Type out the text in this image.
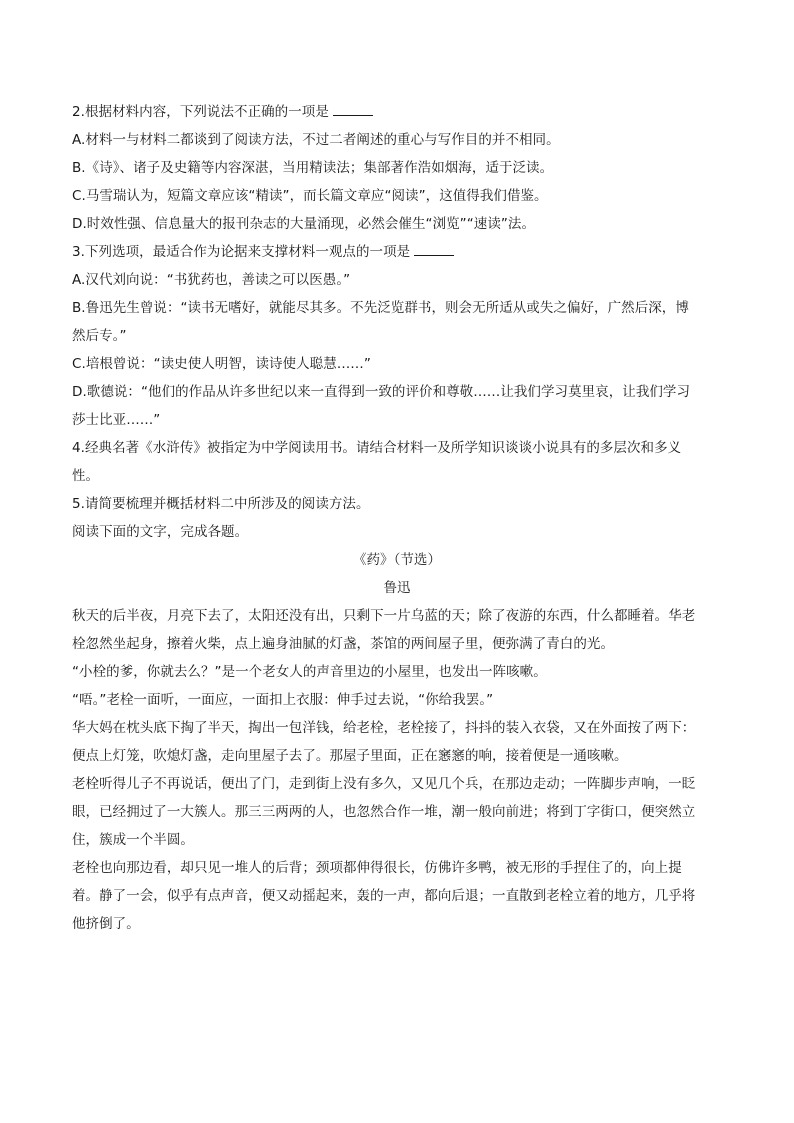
2.根据材料内容，下列说法不正确的一项是
A.材料一与材料二都谈到了阅读方法，不过二者阐述的重心与写作目的并不相同。
B.《诗》、诸子及史籍等内容深湛，当用精读法；集部著作浩如烟海，适于泛读。
C.马雪瑞认为，短篇文章应该“精读”，而长篇文章应“阅读”，这值得我们借鉴。
D.时效性强、信息量大的报刊杂志的大量涌现，必然会催生“浏览”“速读”法。
3.下列选项，最适合作为论据来支撑材料一观点的一项是
A.汉代刘向说：“书犹药也，善读之可以医愚。”
B.鲁迅先生曾说：“读书无嗜好，就能尽其多。不先泛览群书，则会无所适从或失之偏好，广然后深，博
然后专。”
C.培根曾说：“读史使人明智，读诗使人聪慧……”
D.歌德说：“他们的作品从许多世纪以来一直得到一致的评价和尊敬……让我们学习莫里哀，让我们学习
莎士比亚……”
4.经典名著《水浒传》被指定为中学阅读用书。请结合材料一及所学知识谈谈小说具有的多层次和多义
性。
5.请简要梳理并概括材料二中所涉及的阅读方法。
阅读下面的文字，完成各题。
《药》（节选）
鲁迅
秋天的后半夜，月亮下去了，太阳还没有出，只剩下一片乌蓝的天；除了夜游的东西，什么都睡着。华老
栓忽然坐起身，擦着火柴，点上遍身油腻的灯盏，茶馆的两间屋子里，便弥满了青白的光。
“小栓的爹，你就去么？”是一个老女人的声音里边的小屋里，也发出一阵咳嗽。
“唔。”老栓一面听，一面应，一面扣上衣服：伸手过去说，“你给我罢。”
华大妈在枕头底下掏了半天，掏出一包洋钱，给老栓，老栓接了，抖抖的装入衣袋，又在外面按了两下：
便点上灯笼，吹熄灯盏，走向里屋子去了。那屋子里面，正在窸窸的响，接着便是一通咳嗽。
老栓听得儿子不再说话，便出了门，走到街上没有多久，又见几个兵，在那边走动；一阵脚步声响，一眨
眼，已经拥过了一大簇人。那三三两两的人，也忽然合作一堆，潮一般向前进；将到丁字街口，便突然立
住，簇成一个半圆。
老栓也向那边看，却只见一堆人的后背；颈项都伸得很长，仿佛许多鸭，被无形的手捏住了的，向上提
着。静了一会，似乎有点声音，便又动摇起来，轰的一声，都向后退；一直散到老栓立着的地方，几乎将
他挤倒了。
